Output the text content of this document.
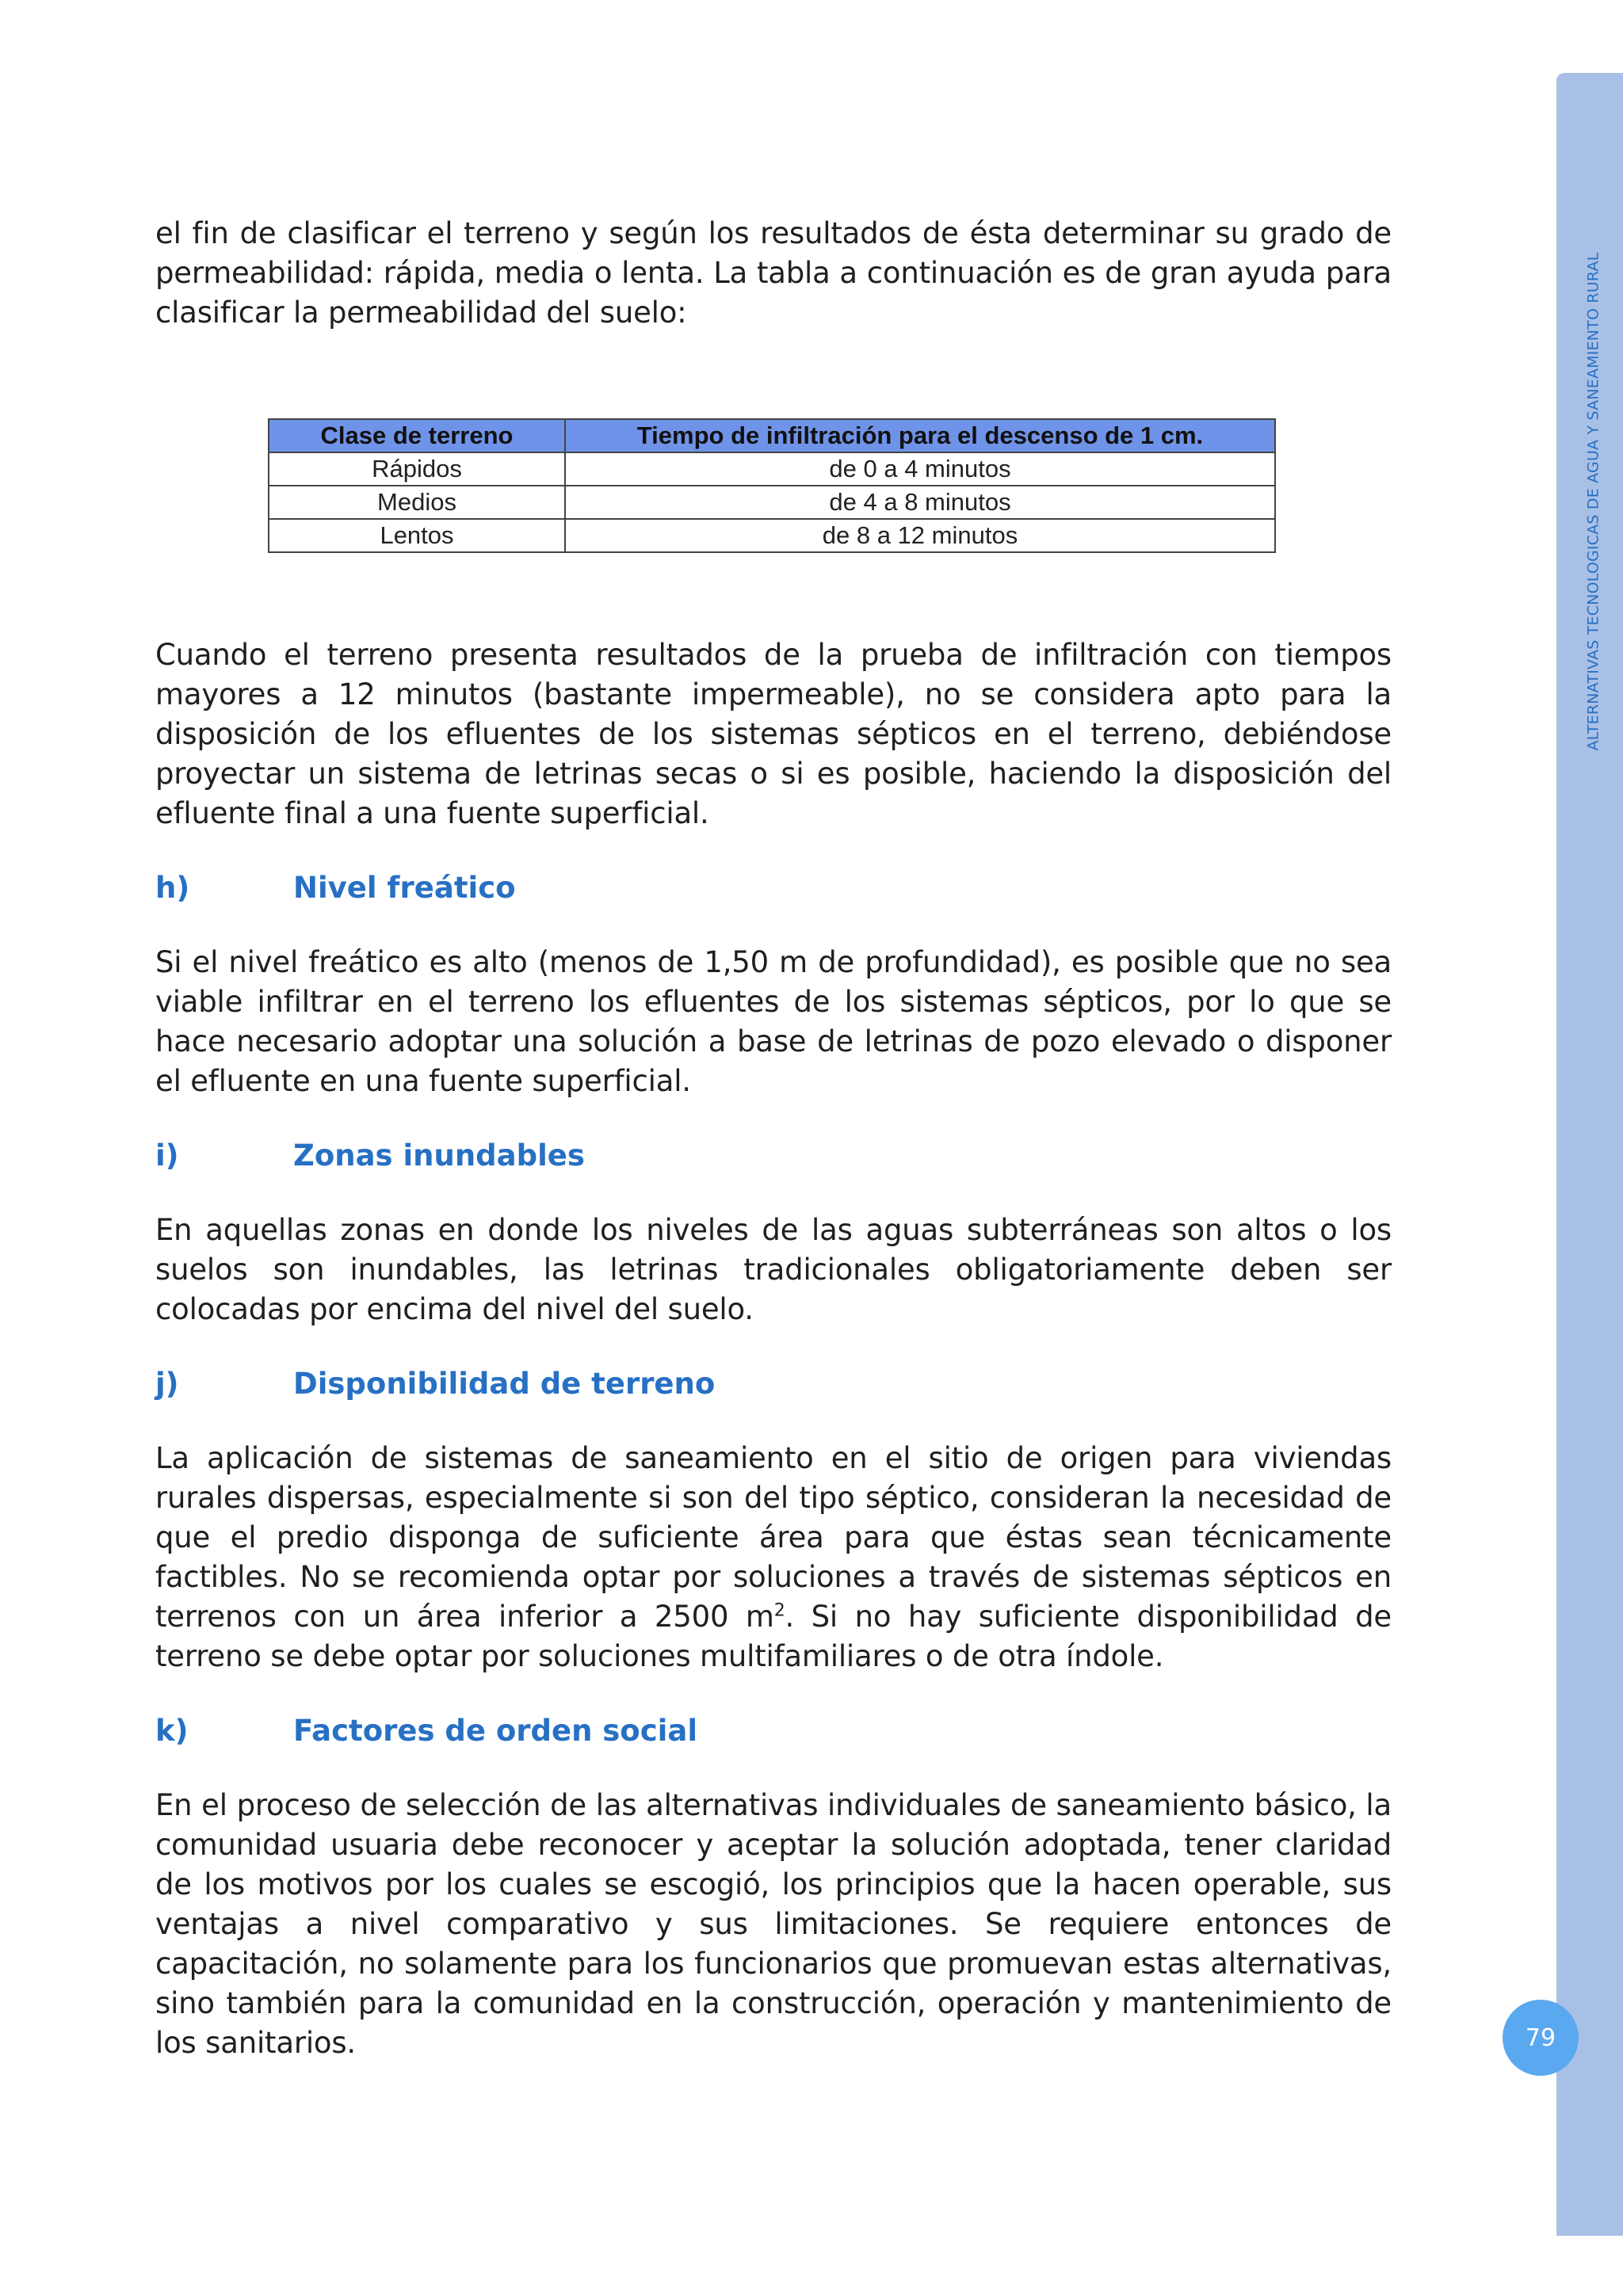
ALTERNATIVAS TECNOLOGICAS DE AGUA Y SANEAMIENTO RURAL
79

el fin de clasificar el terreno y según los resultados de ésta determinar su grado de permeabilidad: rápida, media o lenta. La tabla a continuación es de gran ayuda para clasificar la permeabilidad del suelo:

Clase de terreno	Tiempo de infiltración para el descenso de 1 cm.
Rápidos	de 0 a 4 minutos
Medios	de 4 a 8 minutos
Lentos	de 8 a 12 minutos

Cuando el terreno presenta resultados de la prueba de infiltración con tiempos mayores a 12 minutos (bastante impermeable), no se considera apto para la disposición de los efluentes de los sistemas sépticos en el terreno, debiéndose proyectar un sistema de letrinas secas o si es posible, haciendo la disposición del efluente final a una fuente superficial.

h)	Nivel freático

Si el nivel freático es alto (menos de 1,50 m de profundidad), es posible que no sea viable infiltrar en el terreno los efluentes de los sistemas sépticos, por lo que se hace necesario adoptar una solución a base de letrinas de pozo elevado o disponer el efluente en una fuente superficial.

i)	Zonas inundables

En aquellas zonas en donde los niveles de las aguas subterráneas son altos o los suelos son inundables, las letrinas tradicionales obligatoriamente deben ser colocadas por encima del nivel del suelo.

j)	Disponibilidad de terreno

La aplicación de sistemas de saneamiento en el sitio de origen para viviendas rurales dispersas, especialmente si son del tipo séptico, consideran la necesidad de que el predio disponga de suficiente área para que éstas sean técnicamente factibles. No se recomienda optar por soluciones a través de sistemas sépticos en terrenos con un área inferior a 2500 $m^2$. Si no hay suficiente disponibilidad de terreno se debe optar por soluciones multifamiliares o de otra índole.

k)	Factores de orden social

En el proceso de selección de las alternativas individuales de saneamiento básico, la comunidad usuaria debe reconocer y aceptar la solución adoptada, tener claridad de los motivos por los cuales se escogió, los principios que la hacen operable, sus ventajas a nivel comparativo y sus limitaciones. Se requiere entonces de capacitación, no solamente para los funcionarios que promuevan estas alternativas, sino también para la comunidad en la construcción, operación y mantenimiento de los sanitarios.
